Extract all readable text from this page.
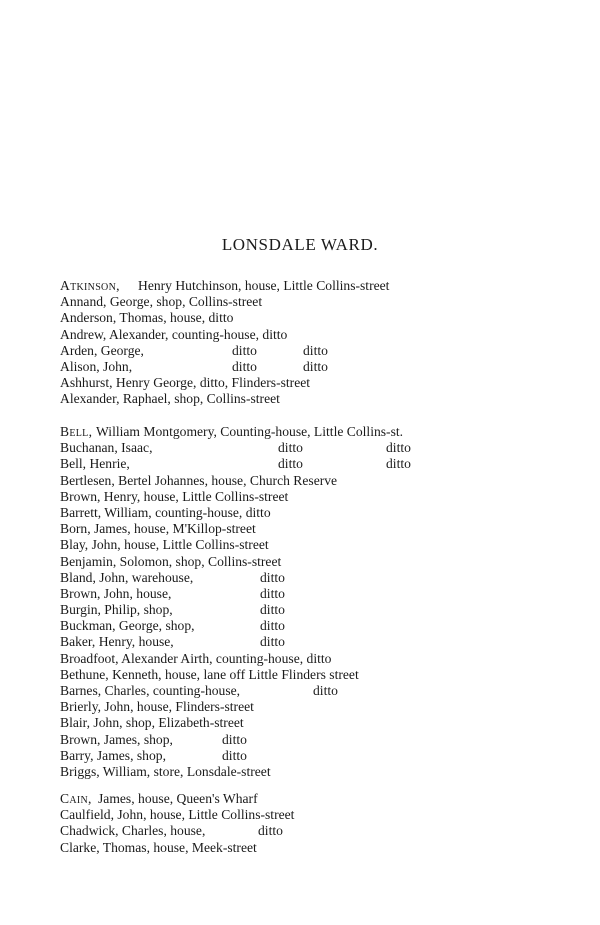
LONSDALE WARD.
Atkinson, Henry Hutchinson, house, Little Collins-street
Annand, George, shop, Collins-street
Anderson, Thomas, house, ditto
Andrew, Alexander, counting-house, ditto
Arden, George,	ditto	ditto
Alison, John,	ditto	ditto
Ashhurst, Henry George, ditto, Flinders-street
Alexander, Raphael, shop, Collins-street
Bell, William Montgomery, Counting-house, Little Collins-st.
Buchanan, Isaac,	ditto	ditto
Bell, Henrie,	ditto	ditto
Bertlesen, Bertel Johannes, house, Church Reserve
Brown, Henry, house, Little Collins-street
Barrett, William, counting-house, ditto
Born, James, house, M'Killop-street
Blay, John, house, Little Collins-street
Benjamin, Solomon, shop, Collins-street
Bland, John, warehouse,	ditto
Brown, John, house,	ditto
Burgin, Philip, shop,	ditto
Buckman, George, shop,	ditto
Baker, Henry, house,	ditto
Broadfoot, Alexander Airth, counting-house, ditto
Bethune, Kenneth, house, lane off Little Flinders street
Barnes, Charles, counting-house,	ditto
Brierly, John, house, Flinders-street
Blair, John, shop, Elizabeth-street
Brown, James, shop,	ditto
Barry, James, shop,	ditto
Briggs, William, store, Lonsdale-street
Cain, James, house, Queen's Wharf
Caulfield, John, house, Little Collins-street
Chadwick, Charles, house,	ditto
Clarke, Thomas, house, Meek-street
